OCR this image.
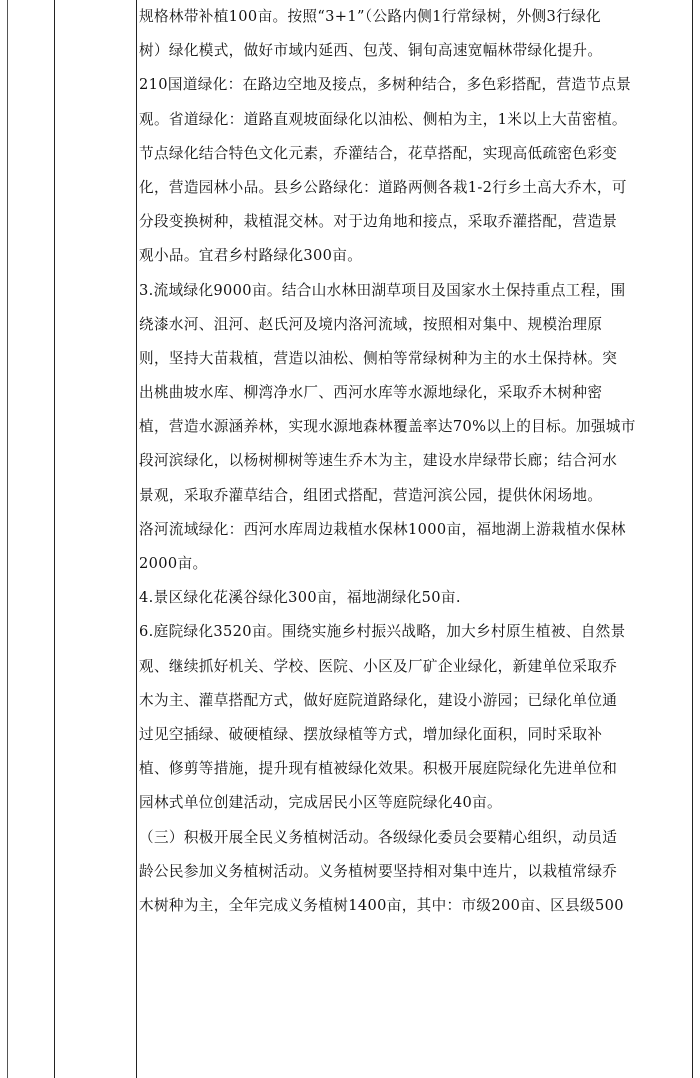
规格林带补植100亩。按照“3+1”（公路内侧1行常绿树，外侧3行绿化
树）绿化模式，做好市域内延西、包茂、铜旬高速宽幅林带绿化提升。
210国道绿化：在路边空地及接点，多树种结合，多色彩搭配，营造节点景
观。省道绿化：道路直观坡面绿化以油松、侧柏为主，1米以上大苗密植。
节点绿化结合特色文化元素，乔灌结合，花草搭配，实现高低疏密色彩变
化，营造园林小品。县乡公路绿化：道路两侧各栽1-2行乡土高大乔木，可
分段变换树种，栽植混交林。对于边角地和接点，采取乔灌搭配，营造景
观小品。宜君乡村路绿化300亩。
3.流域绿化9000亩。结合山水林田湖草项目及国家水土保持重点工程，围
绕漆水河、沮河、赵氏河及境内洛河流域，按照相对集中、规模治理原
则，坚持大苗栽植，营造以油松、侧柏等常绿树种为主的水土保持林。突
出桃曲坡水库、柳湾净水厂、西河水库等水源地绿化，采取乔木树种密
植，营造水源涵养林，实现水源地森林覆盖率达70%以上的目标。加强城市
段河滨绿化，以杨树柳树等速生乔木为主，建设水岸绿带长廊；结合河水
景观，采取乔灌草结合，组团式搭配，营造河滨公园，提供休闲场地。
洛河流域绿化：西河水库周边栽植水保林1000亩，福地湖上游栽植水保林
2000亩。
4.景区绿化花溪谷绿化300亩，福地湖绿化50亩.
6.庭院绿化3520亩。围绕实施乡村振兴战略，加大乡村原生植被、自然景
观、继续抓好机关、学校、医院、小区及厂矿企业绿化，新建单位采取乔
木为主、灌草搭配方式，做好庭院道路绿化，建设小游园；已绿化单位通
过见空插绿、破硬植绿、摆放绿植等方式，增加绿化面积，同时采取补
植、修剪等措施，提升现有植被绿化效果。积极开展庭院绿化先进单位和
园林式单位创建活动，完成居民小区等庭院绿化40亩。
（三）积极开展全民义务植树活动。各级绿化委员会要精心组织，动员适
龄公民参加义务植树活动。义务植树要坚持相对集中连片，以栽植常绿乔
木树种为主，全年完成义务植树1400亩，其中：市级200亩、区县级500
